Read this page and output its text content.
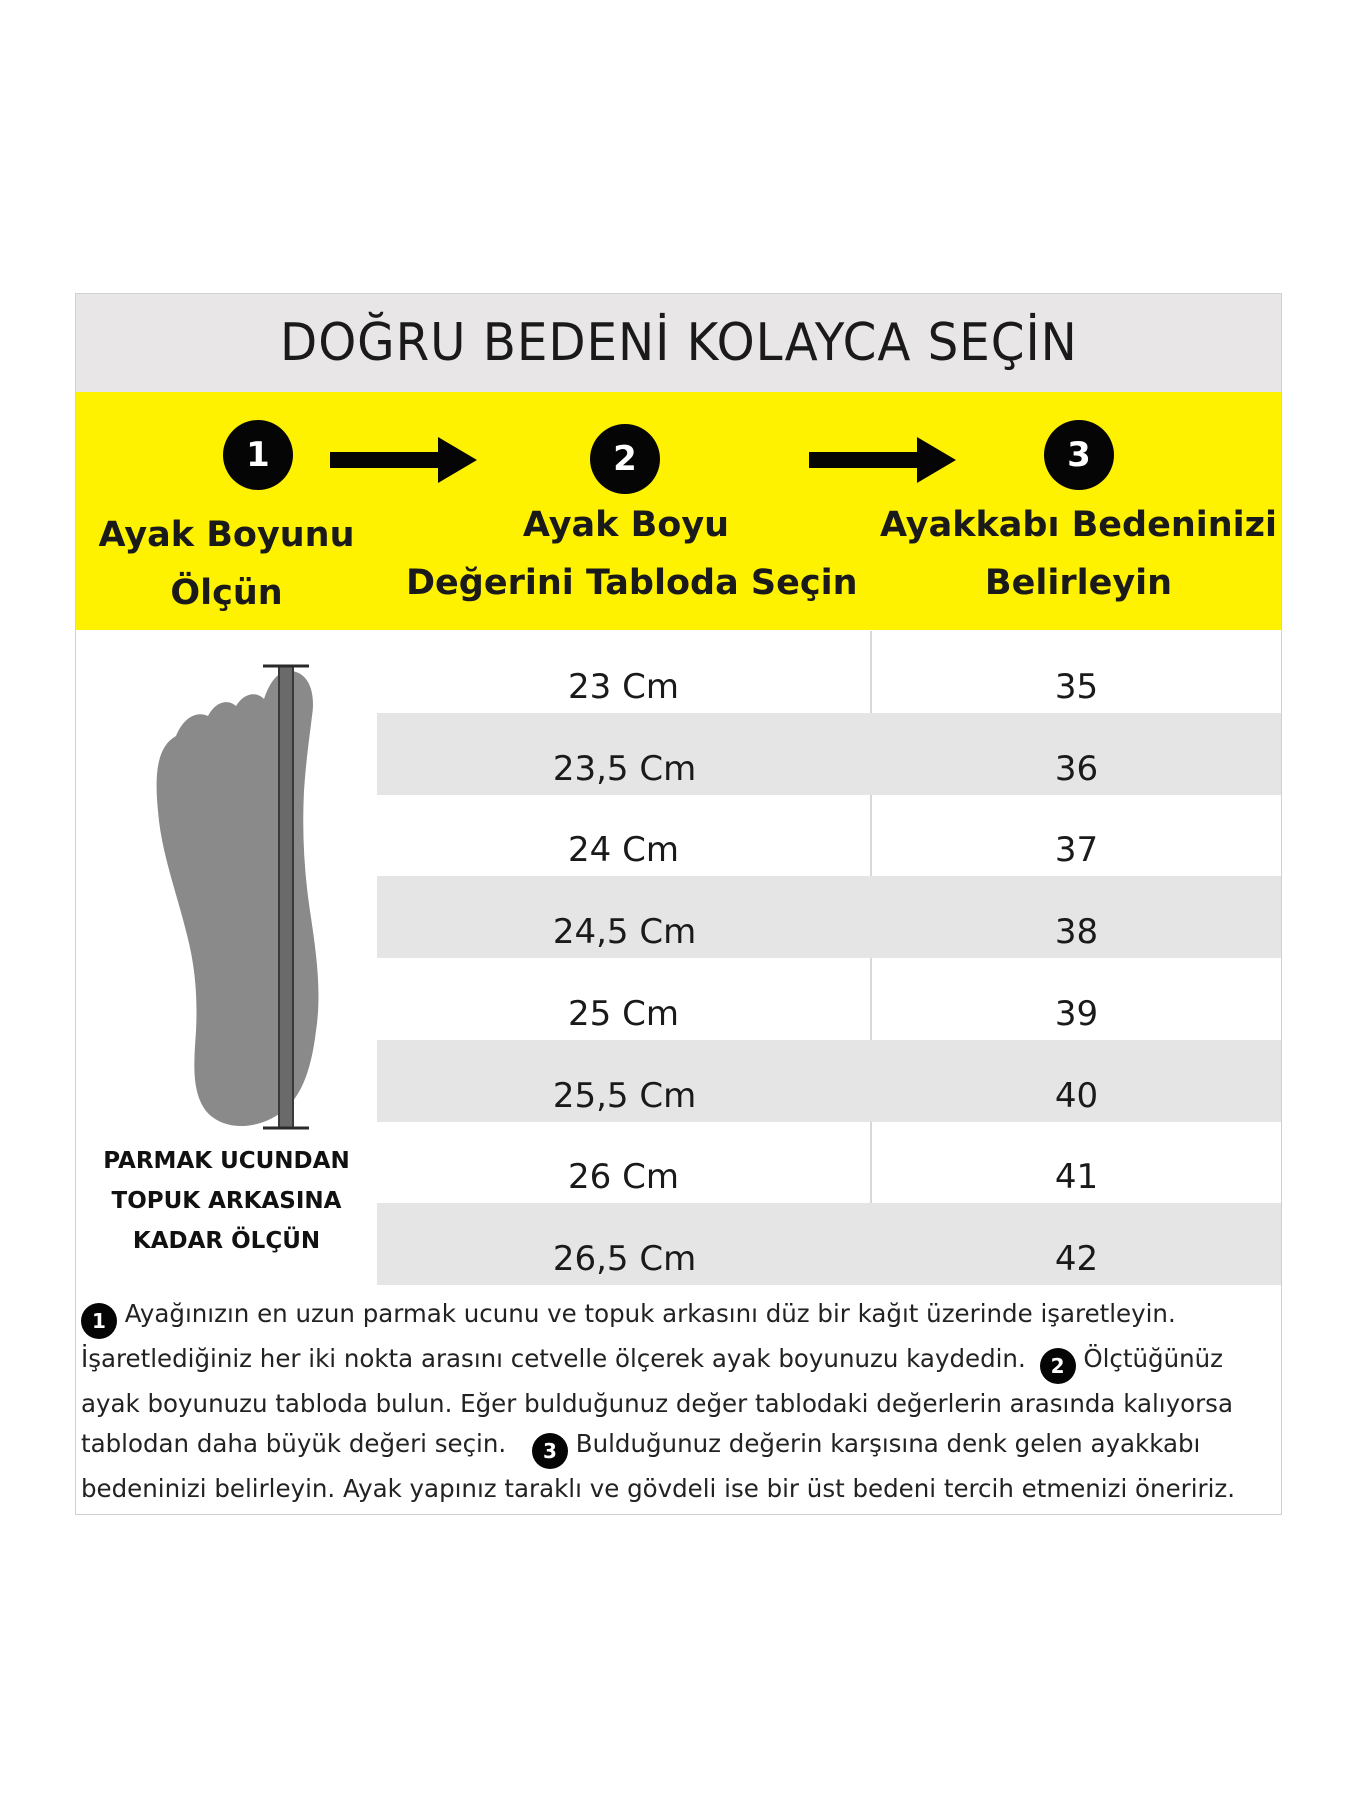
DOĞRU BEDENİ KOLAYCA SEÇİN
1	2	3
Ayak Boyunu
Ölçün
Ayak Boyu
Değerini Tabloda Seçin
Ayakkabı Bedeninizi
Belirleyin
PARMAK UCUNDAN
TOPUK ARKASINA
KADAR ÖLÇÜN
23 Cm	35
23,5 Cm	36
24 Cm	37
24,5 Cm	38
25 Cm	39
25,5 Cm	40
26 Cm	41
26,5 Cm	42
1 Ayağınızın en uzun parmak ucunu ve topuk arkasını düz bir kağıt üzerinde işaretleyin.
İşaretlediğiniz her iki nokta arasını cetvelle ölçerek ayak boyunuzu kaydedin. 2 Ölçtüğünüz
ayak boyunuzu tabloda bulun. Eğer bulduğunuz değer tablodaki değerlerin arasında kalıyorsa
tablodan daha büyük değeri seçin. 3 Bulduğunuz değerin karşısına denk gelen ayakkabı
bedeninizi belirleyin. Ayak yapınız taraklı ve gövdeli ise bir üst bedeni tercih etmenizi öneririz.
